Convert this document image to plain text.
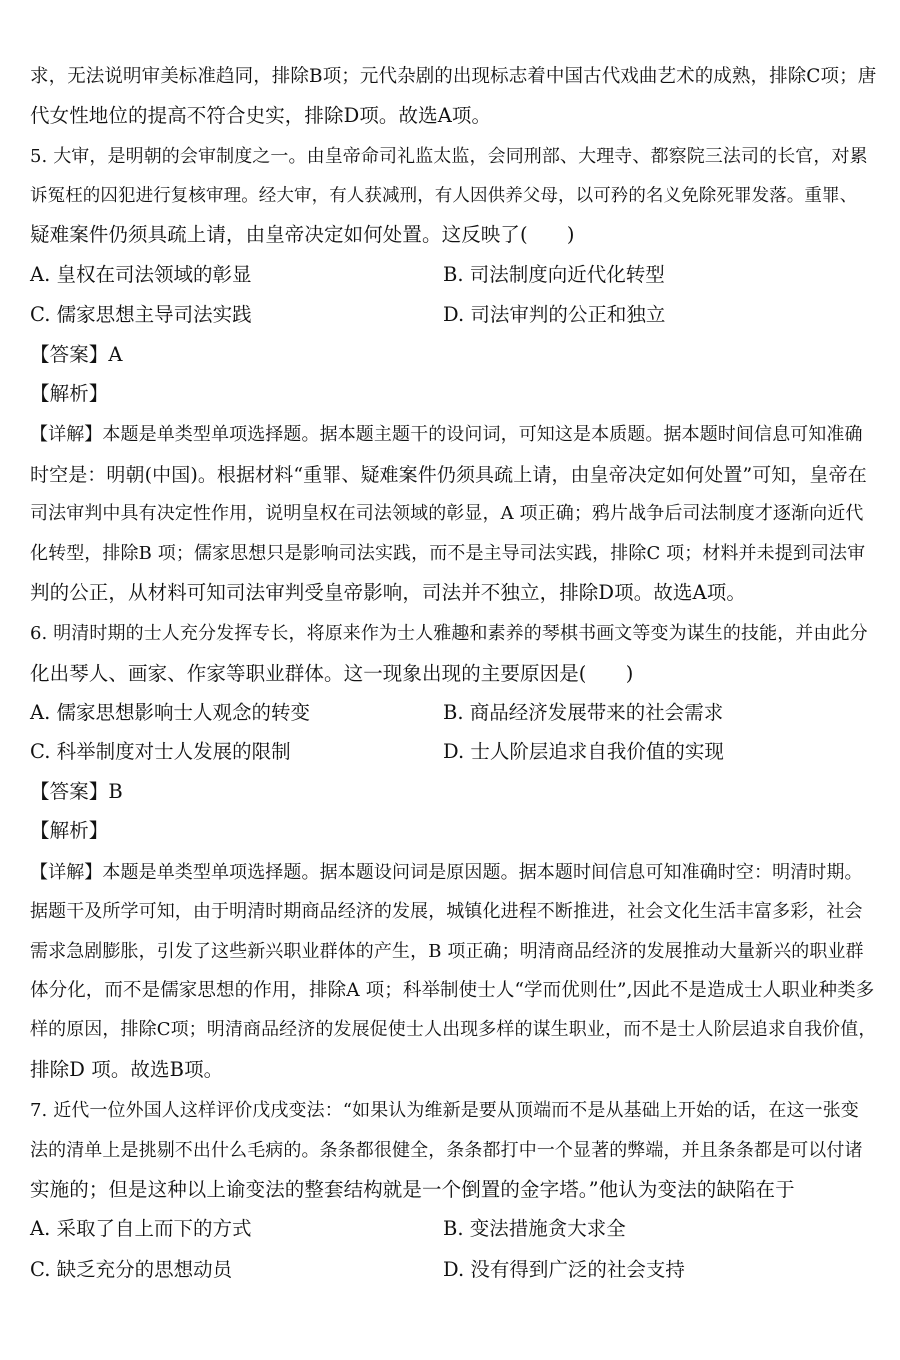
求，无法说明审美标准趋同，排除B项；元代杂剧的出现标志着中国古代戏曲艺术的成熟，排除C项；唐
代女性地位的提高不符合史实，排除D项。故选A项。
5. 大审，是明朝的会审制度之一。由皇帝命司礼监太监，会同刑部、大理寺、都察院三法司的长官，对累
诉冤枉的囚犯进行复核审理。经大审，有人获减刑，有人因供养父母，以可矜的名义免除死罪发落。重罪、
疑难案件仍须具疏上请，由皇帝决定如何处置。这反映了(　　)
A. 皇权在司法领域的彰显	B. 司法制度向近代化转型
C. 儒家思想主导司法实践	D. 司法审判的公正和独立
【答案】A
【解析】
【详解】本题是单类型单项选择题。据本题主题干的设问词，可知这是本质题。据本题时间信息可知准确
时空是：明朝(中国)。根据材料“重罪、疑难案件仍须具疏上请，由皇帝决定如何处置”可知，皇帝在
司法审判中具有决定性作用，说明皇权在司法领域的彰显，A 项正确；鸦片战争后司法制度才逐渐向近代
化转型，排除B 项；儒家思想只是影响司法实践，而不是主导司法实践，排除C 项；材料并未提到司法审
判的公正，从材料可知司法审判受皇帝影响，司法并不独立，排除D项。故选A项。
6. 明清时期的士人充分发挥专长，将原来作为士人雅趣和素养的琴棋书画文等变为谋生的技能，并由此分
化出琴人、画家、作家等职业群体。这一现象出现的主要原因是(　　)
A. 儒家思想影响士人观念的转变	B. 商品经济发展带来的社会需求
C. 科举制度对士人发展的限制	D. 士人阶层追求自我价值的实现
【答案】B
【解析】
【详解】本题是单类型单项选择题。据本题设问词是原因题。据本题时间信息可知准确时空：明清时期。
据题干及所学可知，由于明清时期商品经济的发展，城镇化进程不断推进，社会文化生活丰富多彩，社会
需求急剧膨胀，引发了这些新兴职业群体的产生，B 项正确；明清商品经济的发展推动大量新兴的职业群
体分化，而不是儒家思想的作用，排除A 项；科举制使士人“学而优则仕”,因此不是造成士人职业种类多
样的原因，排除C项；明清商品经济的发展促使士人出现多样的谋生职业，而不是士人阶层追求自我价值，
排除D 项。故选B项。
7. 近代一位外国人这样评价戊戌变法：“如果认为维新是要从顶端而不是从基础上开始的话，在这一张变
法的清单上是挑剔不出什么毛病的。条条都很健全，条条都打中一个显著的弊端，并且条条都是可以付诸
实施的；但是这种以上谕变法的整套结构就是一个倒置的金字塔。”他认为变法的缺陷在于
A. 采取了自上而下的方式	B. 变法措施贪大求全
C. 缺乏充分的思想动员	D. 没有得到广泛的社会支持
